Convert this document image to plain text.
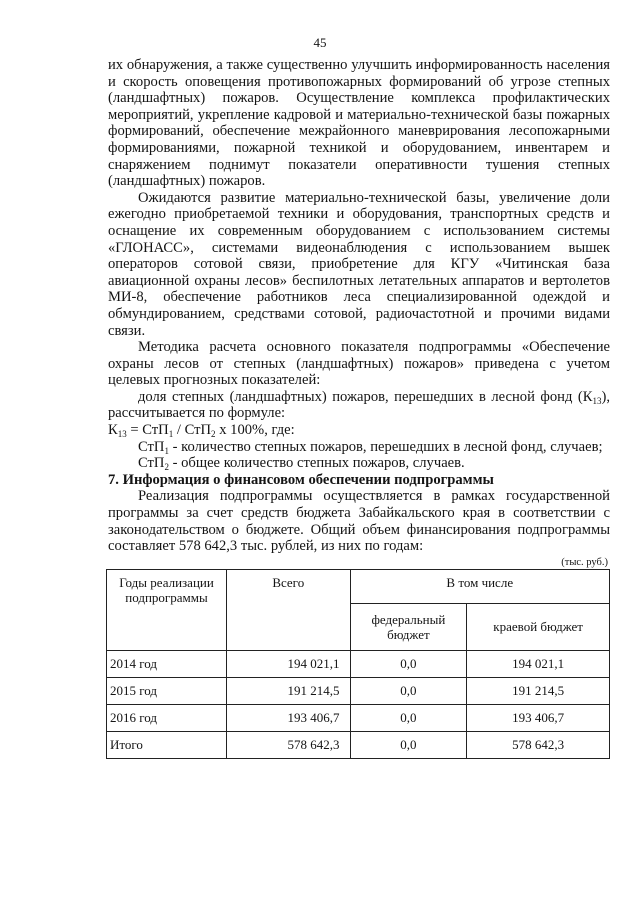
45

их обнаружения, а также существенно улучшить информированность населения и скорость оповещения противопожарных формирований об угрозе степных (ландшафтных) пожаров. Осуществление комплекса профилактических мероприятий, укрепление кадровой и материально-технической базы пожарных формирований, обеспечение межрайонного маневрирования лесопожарными формированиями, пожарной техникой и оборудованием, инвентарем и снаряжением поднимут показатели оперативности тушения степных (ландшафтных) пожаров.

Ожидаются развитие материально-технической базы, увеличение доли ежегодно приобретаемой техники и оборудования, транспортных средств и оснащение их современным оборудованием с использованием системы «ГЛОНАСС», системами видеонаблюдения с использованием вышек операторов сотовой связи, приобретение для КГУ «Читинская база авиационной охраны лесов» беспилотных летательных аппаратов и вертолетов МИ-8, обеспечение работников леса специализированной одеждой и обмундированием, средствами сотовой, радиочастотной и прочими видами связи.

Методика расчета основного показателя подпрограммы «Обеспечение охраны лесов от степных (ландшафтных) пожаров» приведена с учетом целевых прогнозных показателей:

доля степных (ландшафтных) пожаров, перешедших в лесной фонд $(К_{13})$, рассчитывается по формуле:

$К_{13} = СтП_1 / СтП_2$ х 100%, где:

СтП$_1$ - количество степных пожаров, перешедших в лесной фонд, случаев;

СтП$_2$ - общее количество степных пожаров, случаев.

7. Информация о финансовом обеспечении подпрограммы

Реализация подпрограммы осуществляется в рамках государственной программы за счет средств бюджета Забайкальского края в соответствии с законодательством о бюджете. Общий объем финансирования подпрограммы составляет 578 642,3 тыс. рублей, из них по годам:

(тыс. руб.)
Годы реализации подпрограммы	Всего	В том числе	
		федеральный бюджет	краевой бюджет
2014 год	194 021,1	0,0	194 021,1
2015 год	191 214,5	0,0	191 214,5
2016 год	193 406,7	0,0	193 406,7
Итого	578 642,3	0,0	578 642,3
